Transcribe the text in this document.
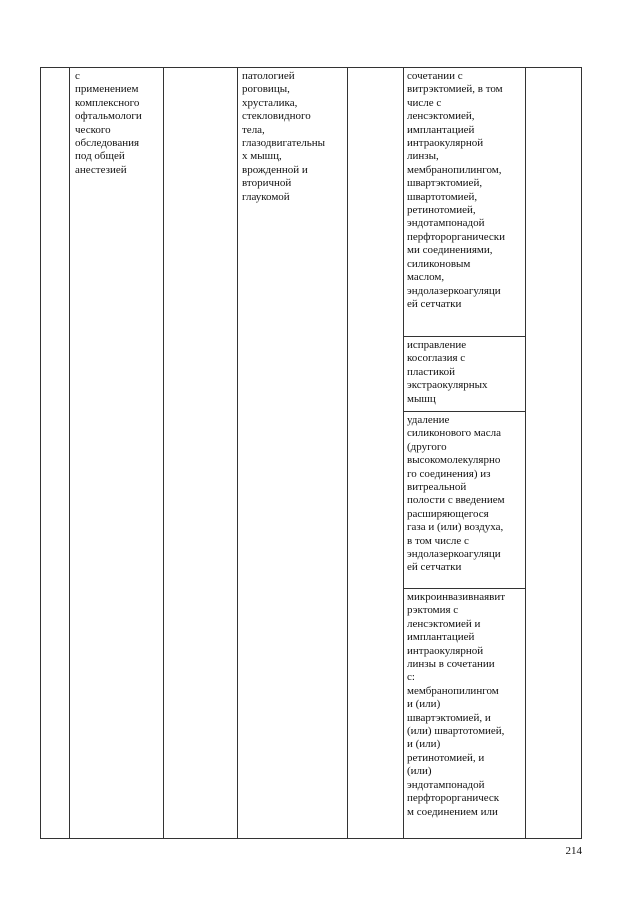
с
применением
комплексного
офтальмологи
ческого
обследования
под общей
анестезией
патологией
роговицы,
хрусталика,
стекловидного
тела,
глазодвигательны
х мышц,
врожденной и
вторичной
глаукомой
сочетании с
витрэктомией, в том
числе с
ленсэктомией,
имплантацией
интраокулярной
линзы,
мембранопилингом,
швартэктомией,
швартотомией,
ретинотомией,
эндотампонадой
перфторорганически
ми соединениями,
силиконовым
маслом,
эндолазеркоагуляци
ей сетчатки
исправление
косоглазия с
пластикой
экстраокулярных
мышц
удаление
силиконового масла
(другого
высокомолекулярно
го соединения) из
витреальной
полости с введением
расширяющегося
газа и (или) воздуха,
в том числе с
эндолазеркоагуляци
ей сетчатки
микроинвазивнаявит
рэктомия с
ленсэктомией и
имплантацией
интраокулярной
линзы в сочетании
с:
мембранопилингом
и (или)
швартэктомией, и
(или) швартотомией,
и (или)
ретинотомией, и
(или)
эндотампонадой
перфторорганическ
м соединением или
214
